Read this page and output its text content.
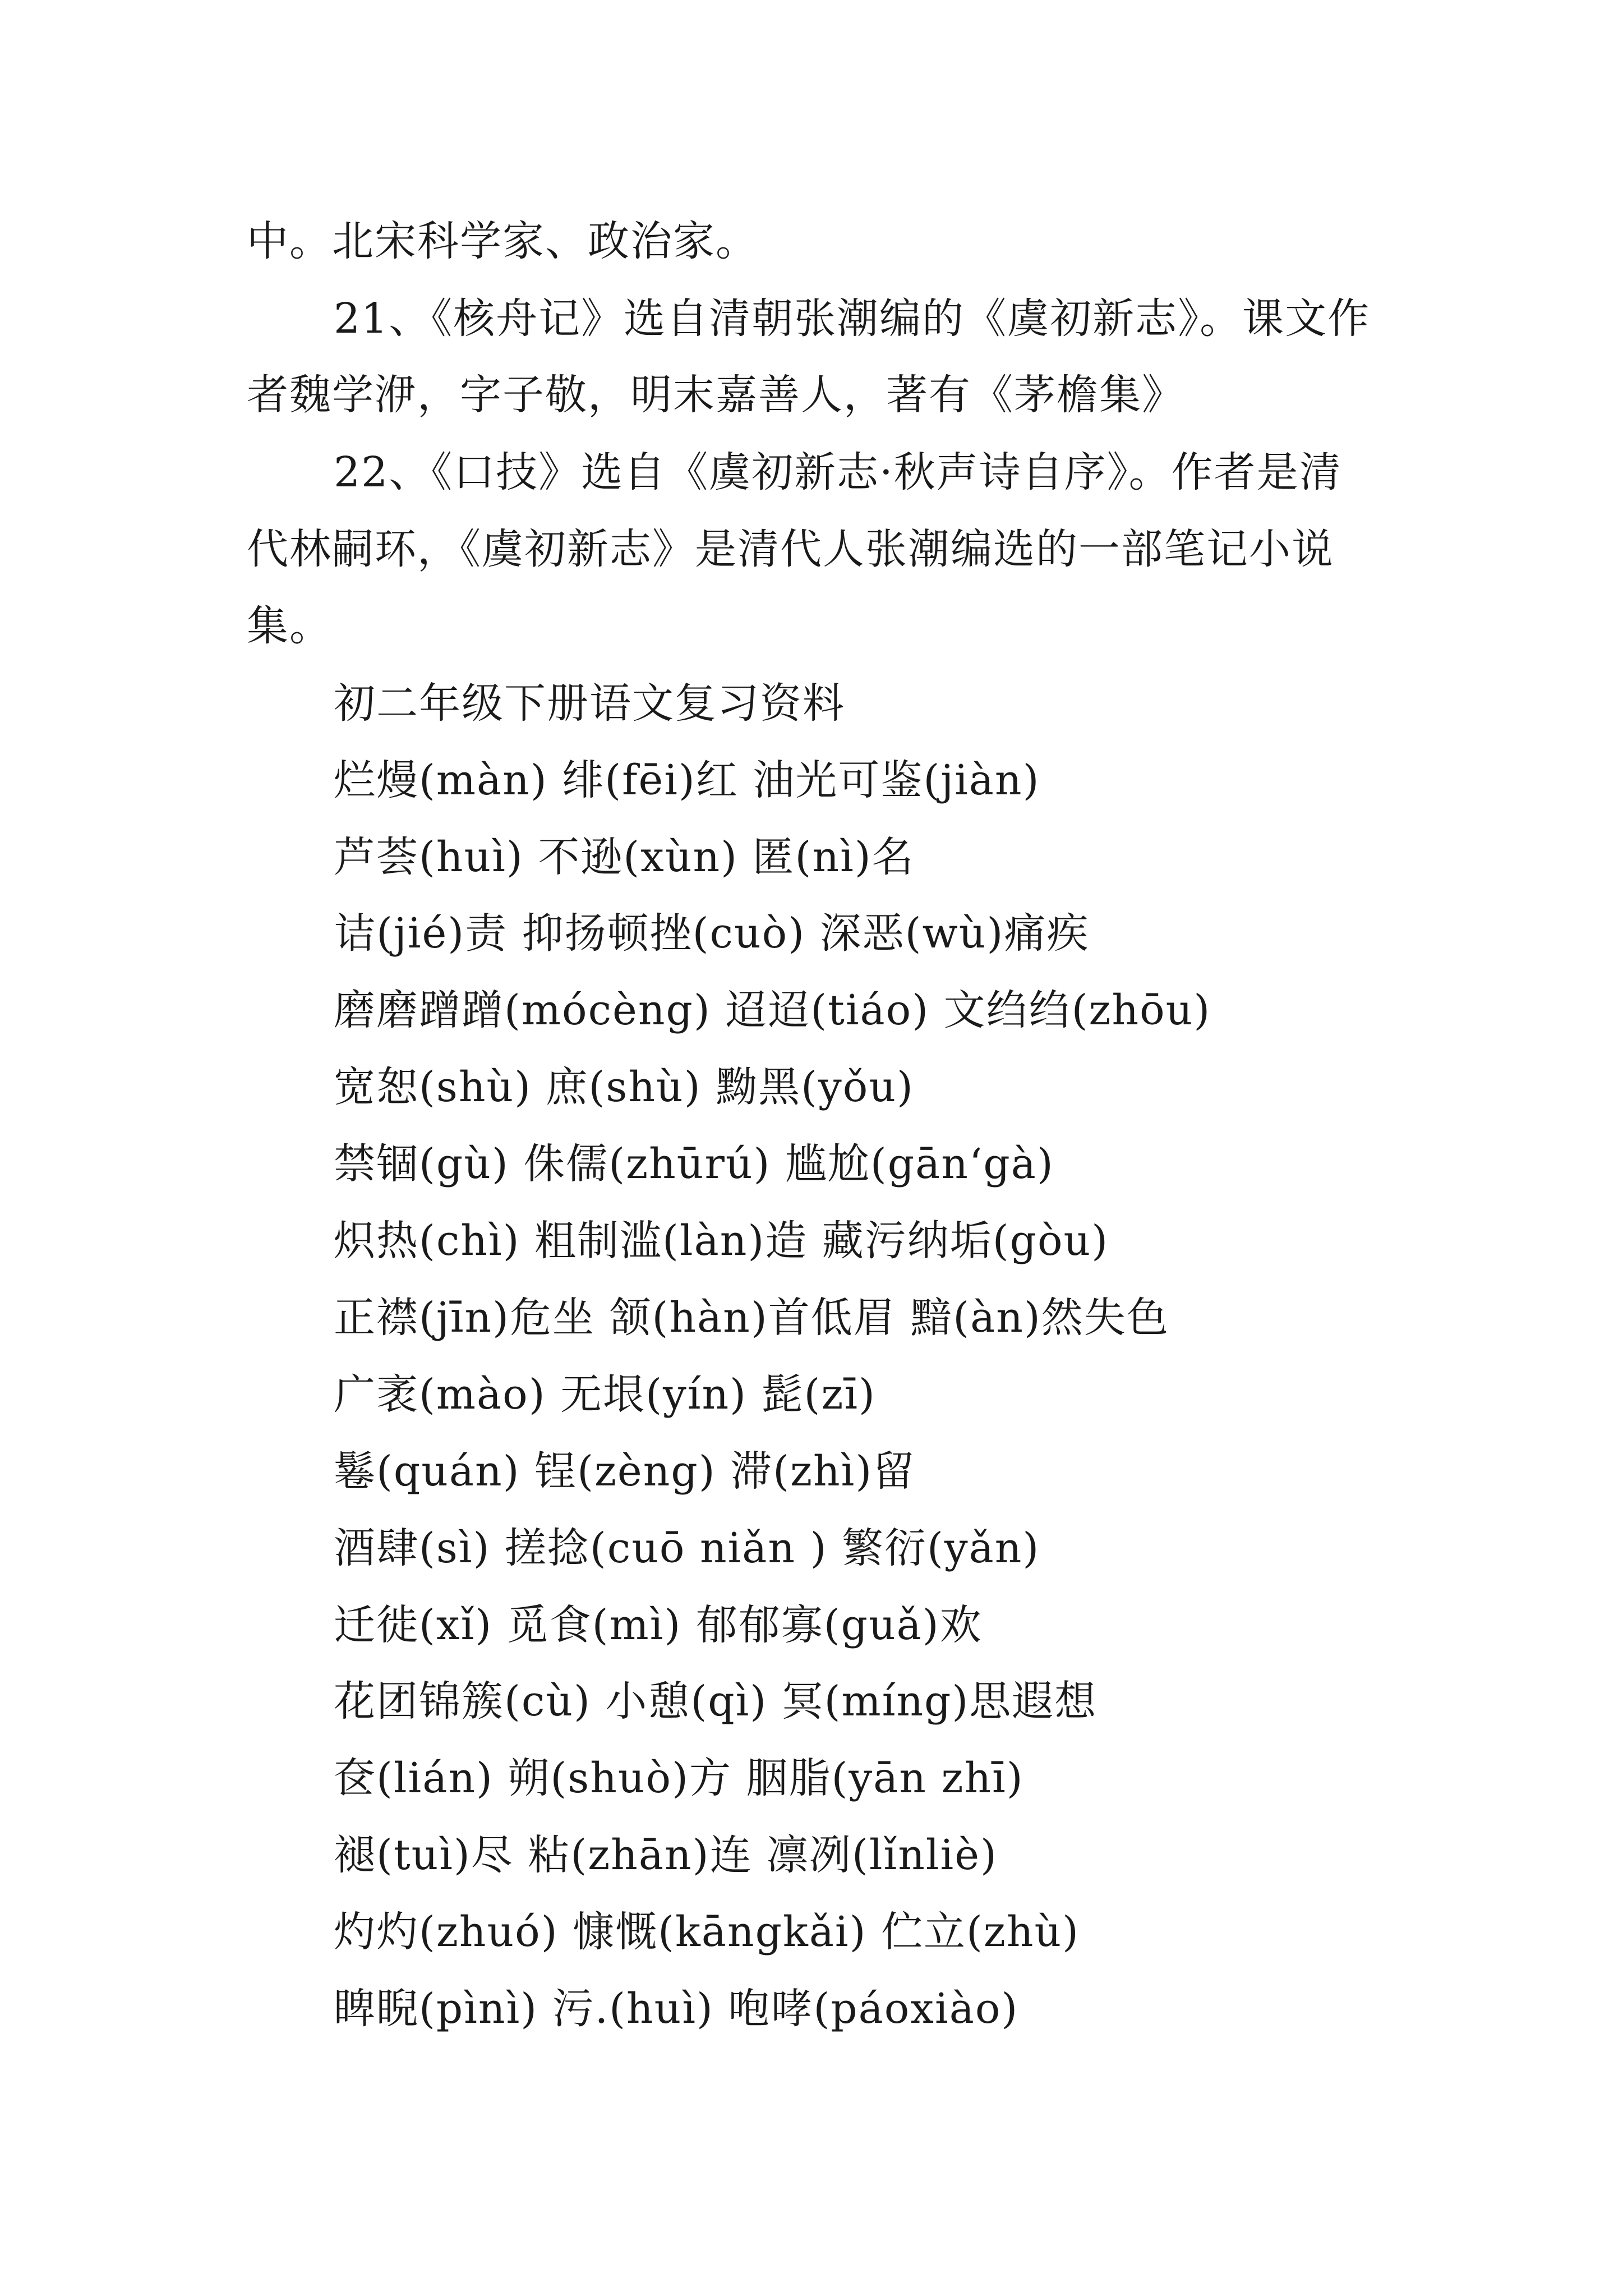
中。北宋科学家、政治家。
21、《核舟记》选自清朝张潮编的《虞初新志》。课文作
者魏学洢，字子敬，明末嘉善人，著有《茅檐集》
22、《口技》选自《虞初新志·秋声诗自序》。作者是清
代林嗣环，《虞初新志》是清代人张潮编选的一部笔记小说
集。
初二年级下册语文复习资料
烂熳(màn) 绯(fēi)红 油光可鉴(jiàn)
芦荟(huì) 不逊(xùn) 匿(nì)名
诘(jié)责 抑扬顿挫(cuò) 深恶(wù)痛疾
磨磨蹭蹭(mócèng) 迢迢(tiáo) 文绉绉(zhōu)
宽恕(shù) 庶(shù) 黝黑(yǒu)
禁锢(gù) 侏儒(zhūrú) 尴尬(gān‘gà)
炽热(chì) 粗制滥(làn)造 藏污纳垢(gòu)
正襟(jīn)危坐 颔(hàn)首低眉 黯(àn)然失色
广袤(mào) 无垠(yín) 髭(zī)
鬈(quán) 锃(zèng) 滞(zhì)留
酒肆(sì) 搓捻(cuō niǎn ) 繁衍(yǎn)
迁徙(xǐ) 觅食(mì) 郁郁寡(guǎ)欢
花团锦簇(cù) 小憩(qì) 冥(míng)思遐想
奁(lián) 朔(shuò)方 胭脂(yān zhī)
褪(tuì)尽 粘(zhān)连 凛冽(lǐnliè)
灼灼(zhuó) 慷慨(kāngkǎi) 伫立(zhù)
睥睨(pìnì) 污.(huì) 咆哮(páoxiào)
